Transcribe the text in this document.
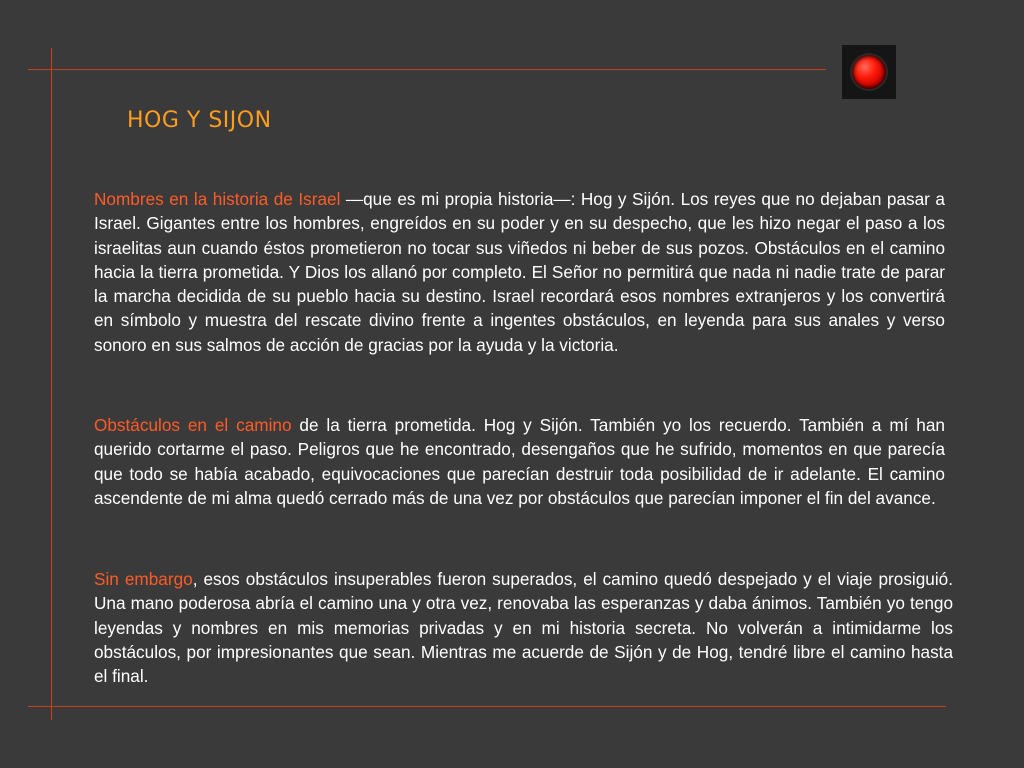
HOG Y SIJON

Nombres en la historia de Israel —que es mi propia historia—: Hog y Sijón. Los reyes que no dejaban pasar a Israel. Gigantes entre los hombres, engreídos en su poder y en su despecho, que les hizo negar el paso a los israelitas aun cuando éstos prometieron no tocar sus viñedos ni beber de sus pozos. Obstáculos en el camino hacia la tierra prometida. Y Dios los allanó por completo. El Señor no permitirá que nada ni nadie trate de parar la marcha decidida de su pueblo hacia su destino. Israel recordará esos nombres extranjeros y los convertirá en símbolo y muestra del rescate divino frente a ingentes obstáculos, en leyenda para sus anales y verso sonoro en sus salmos de acción de gracias por la ayuda y la victoria.

Obstáculos en el camino de la tierra prometida. Hog y Sijón. También yo los recuerdo. También a mí han querido cortarme el paso. Peligros que he encontrado, desengaños que he sufrido, momentos en que parecía que todo se había acabado, equivocaciones que parecían destruir toda posibilidad de ir adelante. El camino ascendente de mi alma quedó cerrado más de una vez por obstáculos que parecían imponer el fin del avance.

Sin embargo, esos obstáculos insuperables fueron superados, el camino quedó despejado y el viaje prosiguió. Una mano poderosa abría el camino una y otra vez, renovaba las esperanzas y daba ánimos. También yo tengo leyendas y nombres en mis memorias privadas y en mi historia secreta. No volverán a intimidarme los obstáculos, por impresionantes que sean. Mientras me acuerde de Sijón y de Hog, tendré libre el camino hasta el final.
